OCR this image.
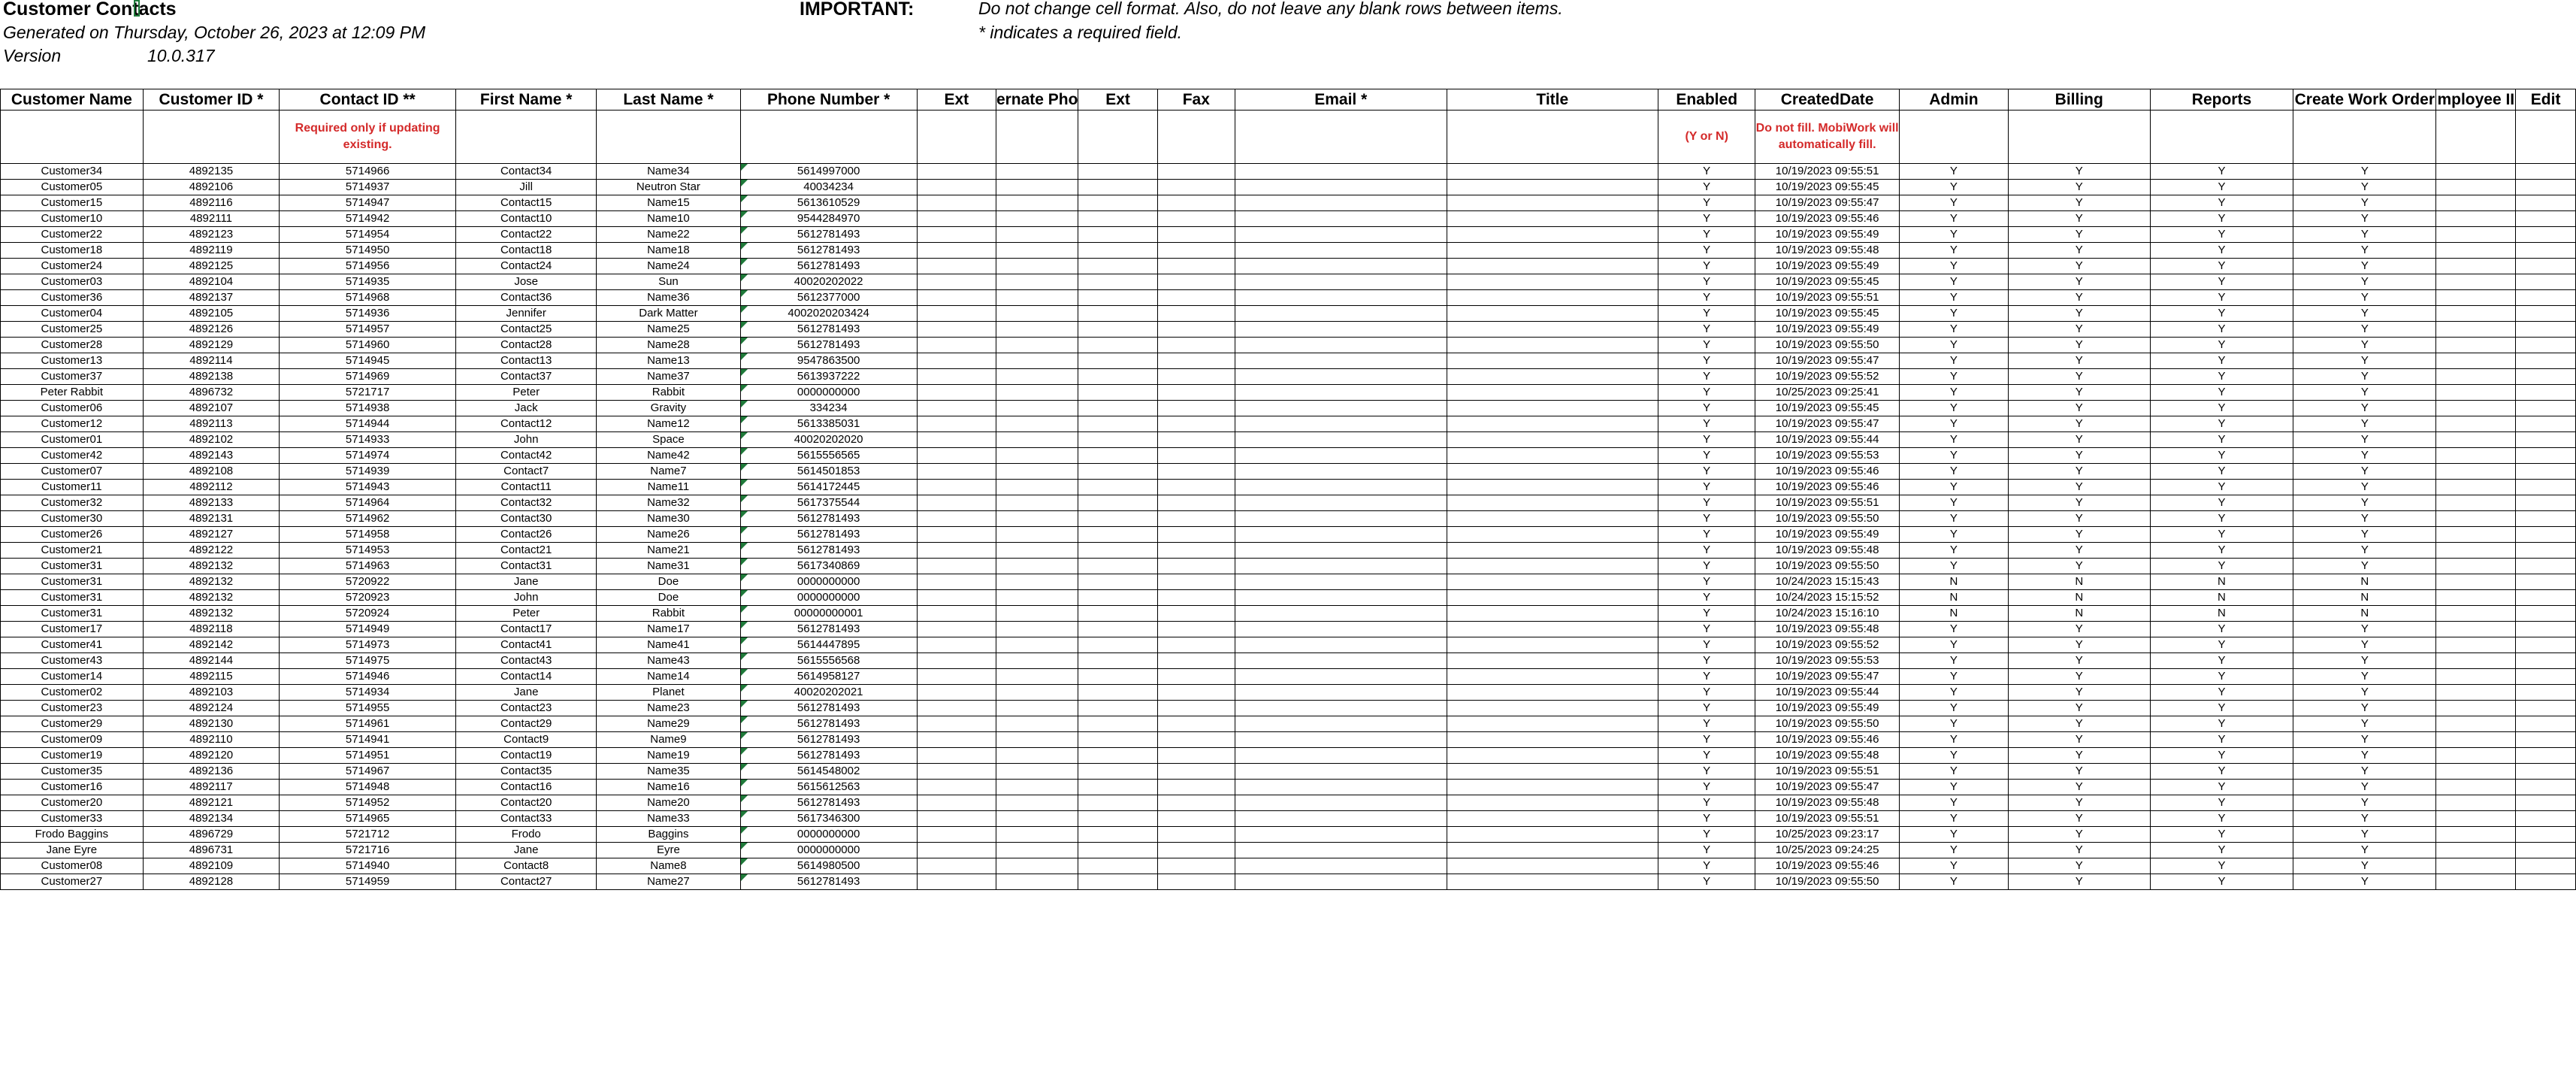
Customer Contacts
Generated on Thursday, October 26, 2023 at 12:09 PM
Version	10.0.317
IMPORTANT:	Do not change cell format. Also, do not leave any blank rows between items.
* indicates a required field.
Customer Name	Customer ID *	Contact ID **	First Name *	Last Name *	Phone Number *	Ext	ernate Pho	Ext	Fax	Email *	Title	Enabled	CreatedDate	Admin	Billing	Reports	Create Work Order	mployee II	Edit
		Required only if updating existing.										(Y or N)	Do not fill. MobiWork will automatically fill.						
Customer34	4892135	5714966	Contact34	Name34	5614997000							Y	10/19/2023 09:55:51	Y	Y	Y	Y		
Customer05	4892106	5714937	Jill	Neutron Star	40034234							Y	10/19/2023 09:55:45	Y	Y	Y	Y		
Customer15	4892116	5714947	Contact15	Name15	5613610529							Y	10/19/2023 09:55:47	Y	Y	Y	Y		
Customer10	4892111	5714942	Contact10	Name10	9544284970							Y	10/19/2023 09:55:46	Y	Y	Y	Y		
Customer22	4892123	5714954	Contact22	Name22	5612781493							Y	10/19/2023 09:55:49	Y	Y	Y	Y		
Customer18	4892119	5714950	Contact18	Name18	5612781493							Y	10/19/2023 09:55:48	Y	Y	Y	Y		
Customer24	4892125	5714956	Contact24	Name24	5612781493							Y	10/19/2023 09:55:49	Y	Y	Y	Y		
Customer03	4892104	5714935	Jose	Sun	40020202022							Y	10/19/2023 09:55:45	Y	Y	Y	Y		
Customer36	4892137	5714968	Contact36	Name36	5612377000							Y	10/19/2023 09:55:51	Y	Y	Y	Y		
Customer04	4892105	5714936	Jennifer	Dark Matter	4002020203424							Y	10/19/2023 09:55:45	Y	Y	Y	Y		
Customer25	4892126	5714957	Contact25	Name25	5612781493							Y	10/19/2023 09:55:49	Y	Y	Y	Y		
Customer28	4892129	5714960	Contact28	Name28	5612781493							Y	10/19/2023 09:55:50	Y	Y	Y	Y		
Customer13	4892114	5714945	Contact13	Name13	9547863500							Y	10/19/2023 09:55:47	Y	Y	Y	Y		
Customer37	4892138	5714969	Contact37	Name37	5613937222							Y	10/19/2023 09:55:52	Y	Y	Y	Y		
Peter Rabbit	4896732	5721717	Peter	Rabbit	0000000000							Y	10/25/2023 09:25:41	Y	Y	Y	Y		
Customer06	4892107	5714938	Jack	Gravity	334234							Y	10/19/2023 09:55:45	Y	Y	Y	Y		
Customer12	4892113	5714944	Contact12	Name12	5613385031							Y	10/19/2023 09:55:47	Y	Y	Y	Y		
Customer01	4892102	5714933	John	Space	40020202020							Y	10/19/2023 09:55:44	Y	Y	Y	Y		
Customer42	4892143	5714974	Contact42	Name42	5615556565							Y	10/19/2023 09:55:53	Y	Y	Y	Y		
Customer07	4892108	5714939	Contact7	Name7	5614501853							Y	10/19/2023 09:55:46	Y	Y	Y	Y		
Customer11	4892112	5714943	Contact11	Name11	5614172445							Y	10/19/2023 09:55:46	Y	Y	Y	Y		
Customer32	4892133	5714964	Contact32	Name32	5617375544							Y	10/19/2023 09:55:51	Y	Y	Y	Y		
Customer30	4892131	5714962	Contact30	Name30	5612781493							Y	10/19/2023 09:55:50	Y	Y	Y	Y		
Customer26	4892127	5714958	Contact26	Name26	5612781493							Y	10/19/2023 09:55:49	Y	Y	Y	Y		
Customer21	4892122	5714953	Contact21	Name21	5612781493							Y	10/19/2023 09:55:48	Y	Y	Y	Y		
Customer31	4892132	5714963	Contact31	Name31	5617340869							Y	10/19/2023 09:55:50	Y	Y	Y	Y		
Customer31	4892132	5720922	Jane	Doe	0000000000							Y	10/24/2023 15:15:43	N	N	N	N		
Customer31	4892132	5720923	John	Doe	0000000000							Y	10/24/2023 15:15:52	N	N	N	N		
Customer31	4892132	5720924	Peter	Rabbit	00000000001							Y	10/24/2023 15:16:10	N	N	N	N		
Customer17	4892118	5714949	Contact17	Name17	5612781493							Y	10/19/2023 09:55:48	Y	Y	Y	Y		
Customer41	4892142	5714973	Contact41	Name41	5614447895							Y	10/19/2023 09:55:52	Y	Y	Y	Y		
Customer43	4892144	5714975	Contact43	Name43	5615556568							Y	10/19/2023 09:55:53	Y	Y	Y	Y		
Customer14	4892115	5714946	Contact14	Name14	5614958127							Y	10/19/2023 09:55:47	Y	Y	Y	Y		
Customer02	4892103	5714934	Jane	Planet	40020202021							Y	10/19/2023 09:55:44	Y	Y	Y	Y		
Customer23	4892124	5714955	Contact23	Name23	5612781493							Y	10/19/2023 09:55:49	Y	Y	Y	Y		
Customer29	4892130	5714961	Contact29	Name29	5612781493							Y	10/19/2023 09:55:50	Y	Y	Y	Y		
Customer09	4892110	5714941	Contact9	Name9	5612781493							Y	10/19/2023 09:55:46	Y	Y	Y	Y		
Customer19	4892120	5714951	Contact19	Name19	5612781493							Y	10/19/2023 09:55:48	Y	Y	Y	Y		
Customer35	4892136	5714967	Contact35	Name35	5614548002							Y	10/19/2023 09:55:51	Y	Y	Y	Y		
Customer16	4892117	5714948	Contact16	Name16	5615612563							Y	10/19/2023 09:55:47	Y	Y	Y	Y		
Customer20	4892121	5714952	Contact20	Name20	5612781493							Y	10/19/2023 09:55:48	Y	Y	Y	Y		
Customer33	4892134	5714965	Contact33	Name33	5617346300							Y	10/19/2023 09:55:51	Y	Y	Y	Y		
Frodo Baggins	4896729	5721712	Frodo	Baggins	0000000000							Y	10/25/2023 09:23:17	Y	Y	Y	Y		
Jane Eyre	4896731	5721716	Jane	Eyre	0000000000							Y	10/25/2023 09:24:25	Y	Y	Y	Y		
Customer08	4892109	5714940	Contact8	Name8	5614980500							Y	10/19/2023 09:55:46	Y	Y	Y	Y		
Customer27	4892128	5714959	Contact27	Name27	5612781493							Y	10/19/2023 09:55:50	Y	Y	Y	Y		
